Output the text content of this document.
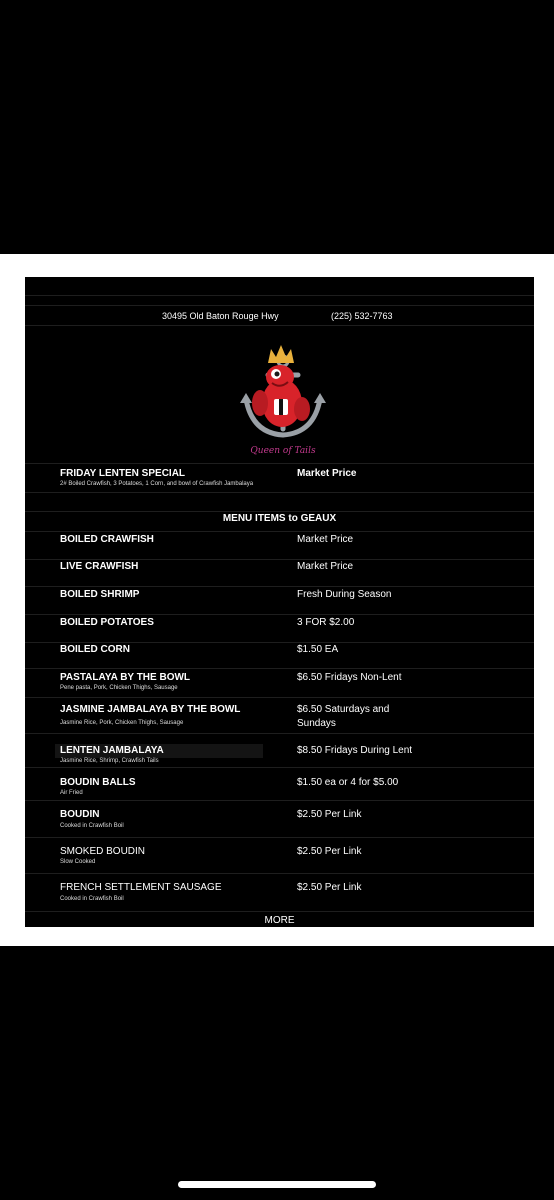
30495 Old Baton Rouge Hwy	(225) 532-7763
Queen of Tails
FRIDAY LENTEN SPECIAL	Market Price
2# Boiled Crawfish, 3 Potatoes, 1 Corn, and bowl of Crawfish Jambalaya
MENU ITEMS to GEAUX
BOILED CRAWFISH	Market Price
LIVE CRAWFISH	Market Price
BOILED SHRIMP	Fresh During Season
BOILED POTATOES	3 FOR $2.00
BOILED CORN	$1.50 EA
PASTALAYA BY THE BOWL	$6.50 Fridays Non-Lent
Pene pasta, Pork, Chicken Thighs, Sausage
JASMINE JAMBALAYA BY THE BOWL	$6.50 Saturdays and Sundays
Jasmine Rice, Pork, Chicken Thighs, Sausage
LENTEN JAMBALAYA	$8.50 Fridays During Lent
Jasmine Rice, Shrimp, Crawfish Tails
BOUDIN BALLS	$1.50 ea or 4 for $5.00
Air Fried
BOUDIN	$2.50 Per Link
Cooked in Crawfish Boil
SMOKED BOUDIN	$2.50 Per Link
Slow Cooked
FRENCH SETTLEMENT SAUSAGE	$2.50 Per Link
Cooked in Crawfish Boil
MORE
